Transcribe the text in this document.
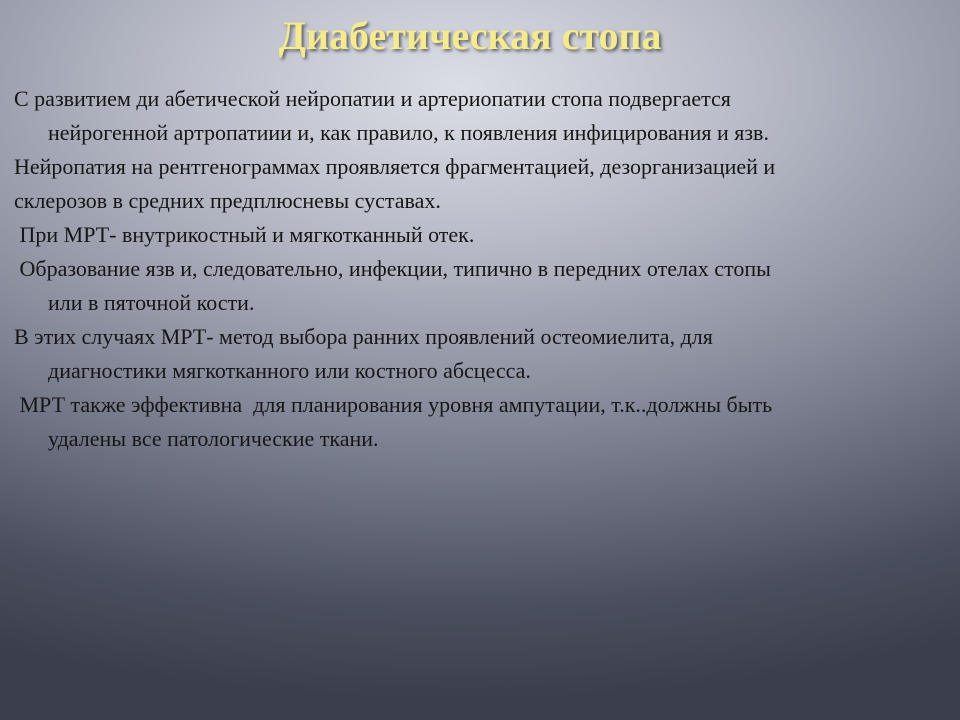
Диабетическая стопа

С развитием ди абетической нейропатии и артериопатии стопа подвергается
нейрогенной артропатиии и, как правило, к появления инфицирования и язв.

Нейропатия на рентгенограммах проявляется фрагментацией, дезорганизацией и
склерозов в средних предплюсневы суставах.

При МРТ- внутрикостный и мягкотканный отек.

Образование язв и, следовательно, инфекции, типично в передних отелах стопы
или в пяточной кости.

В этих случаях МРТ- метод выбора ранних проявлений остеомиелита, для
диагностики мягкотканного или костного абсцесса.

МРТ также эффективна  для планирования уровня ампутации, т.к..должны быть
удалены все патологические ткани.
